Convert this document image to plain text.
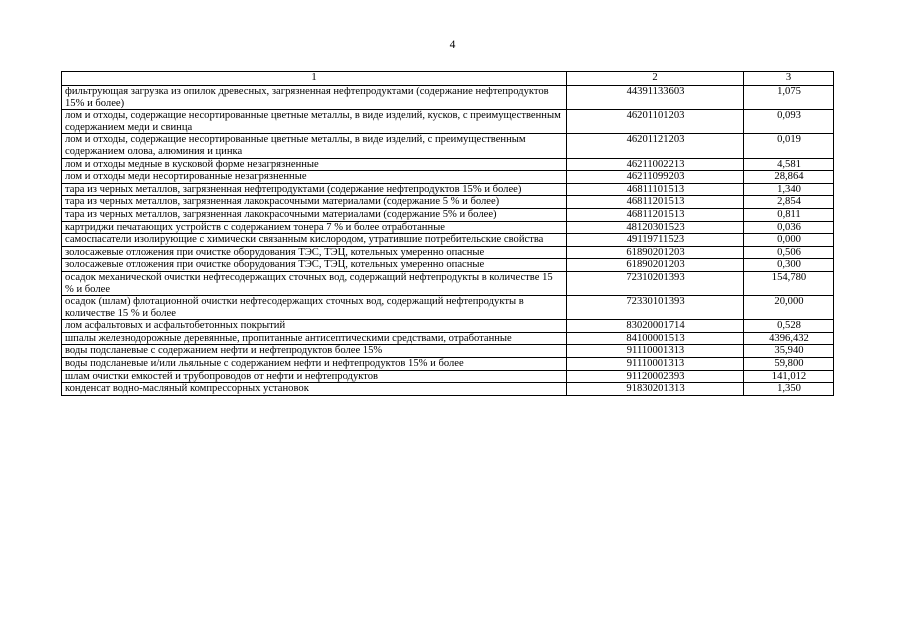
4
1	2	3
фильтрующая загрузка из опилок древесных, загрязненная нефтепродуктами (содержание нефтепродуктов 15% и более)	44391133603	1,075
лом и отходы, содержащие несортированные цветные металлы, в виде изделий, кусков, с преимущественным содержанием меди и свинца	46201101203	0,093
лом и отходы, содержащие несортированные цветные металлы, в виде изделий, с преимущественным содержанием олова, алюминия и цинка	46201121203	0,019
лом и отходы медные в кусковой форме незагрязненные	46211002213	4,581
лом и отходы меди несортированные незагрязненные	46211099203	28,864
тара из черных металлов, загрязненная нефтепродуктами (содержание нефтепродуктов 15% и более)	46811101513	1,340
тара из черных металлов, загрязненная лакокрасочными материалами (содержание 5 % и более)	46811201513	2,854
тара из черных металлов, загрязненная лакокрасочными материалами (содержание 5% и более)	46811201513	0,811
картриджи печатающих устройств с содержанием тонера 7 % и более отработанные	48120301523	0,036
самоспасатели изолирующие с химически связанным кислородом, утратившие потребительские свойства	49119711523	0,000
золосажевые отложения при очистке оборудования ТЭС, ТЭЦ, котельных умеренно опасные	61890201203	0,506
золосажевые отложения при очистке оборудования ТЭС, ТЭЦ, котельных умеренно опасные	61890201203	0,300
осадок механической очистки нефтесодержащих сточных вод, содержащий нефтепродукты в количестве 15 % и более	72310201393	154,780
осадок (шлам) флотационной очистки нефтесодержащих сточных вод, содержащий нефтепродукты в количестве 15 % и более	72330101393	20,000
лом асфальтовых и асфальтобетонных покрытий	83020001714	0,528
шпалы железнодорожные деревянные, пропитанные антисептическими средствами, отработанные	84100001513	4396,432
воды подсланевые с содержанием нефти и нефтепродуктов более 15%	91110001313	35,940
воды подсланевые и/или льяльные с содержанием нефти и нефтепродуктов 15% и более	91110001313	59,800
шлам очистки емкостей и трубопроводов от нефти и нефтепродуктов	91120002393	141,012
конденсат водно-масляный компрессорных установок	91830201313	1,350
